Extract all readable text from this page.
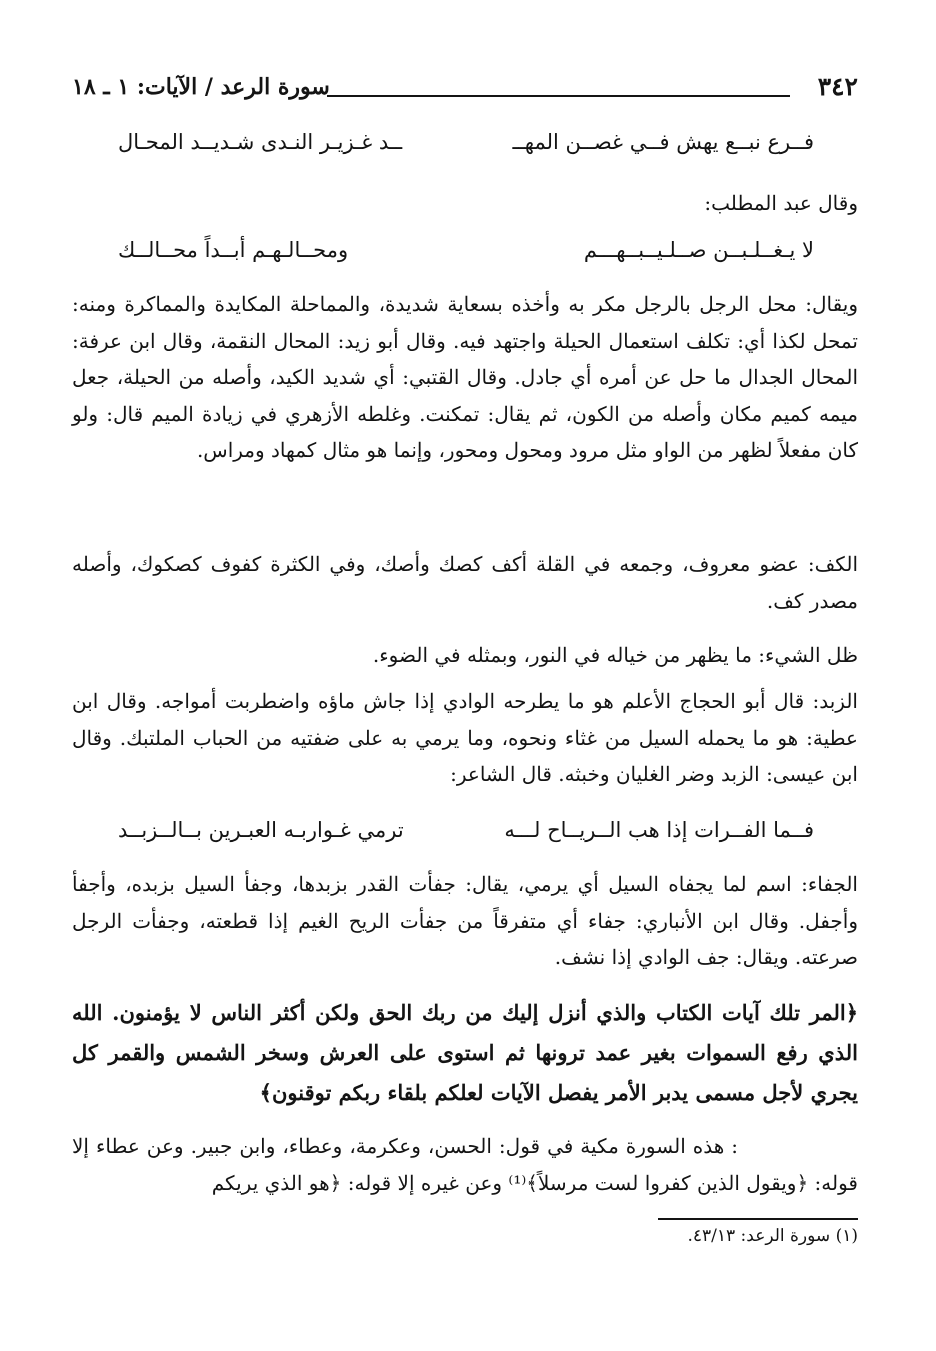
٣٤٢
سورة الرعد / الآيات: ١ ـ ١٨
فــرع نبــع يهش فــي غصــن المهــ
ــد غـزيـر النـدى شـديــد المحـال
وقال عبد المطلب:
لا يـغــلـبــن صــلـيــبــهـــم
ومحــالـهـم أبــداً محــالــك
ويقال: محل الرجل بالرجل مكر به وأخذه بسعاية شديدة، والمماحلة المكايدة والمماكرة ومنه: تمحل لكذا أي: تكلف استعمال الحيلة واجتهد فيه. وقال أبو زيد: المحال النقمة، وقال ابن عرفة: المحال الجدال ما حل عن أمره أي جادل. وقال القتبي: أي شديد الكيد، وأصله من الحيلة، جعل ميمه كميم مكان وأصله من الكون، ثم يقال: تمكنت. وغلطه الأزهري في زيادة الميم قال: ولو كان مفعلاً لظهر من الواو مثل مرود ومحول ومحور، وإنما هو مثال كمهاد ومراس.
الكف: عضو معروف، وجمعه في القلة أكف كصك وأصك، وفي الكثرة كفوف كصكوك، وأصله مصدر كف.
ظل الشيء: ما يظهر من خياله في النور، وبمثله في الضوء.
الزبد: قال أبو الحجاج الأعلم هو ما يطرحه الوادي إذا جاش ماؤه واضطربت أمواجه. وقال ابن عطية: هو ما يحمله السيل من غثاء ونحوه، وما يرمي به على ضفتيه من الحباب الملتبك. وقال ابن عيسى: الزبد وضر الغليان وخبثه. قال الشاعر:
فــما الفــرات إذا هب الــريــاح لـــه
ترمي غـواربـه العبـرين بــالــزبــد
الجفاء: اسم لما يجفاه السيل أي يرمي، يقال: جفأت القدر بزبدها، وجفأ السيل بزبده، وأجفأ وأجفل. وقال ابن الأنباري: جفاء أي متفرقاً من جفأت الريح الغيم إذا قطعته، وجفأت الرجل صرعته. ويقال: جف الوادي إذا نشف.
﴿المر تلك آيات الكتاب والذي أنزل إليك من ربك الحق ولكن أكثر الناس لا يؤمنون. الله الذي رفع السموات بغير عمد ترونها ثم استوى على العرش وسخر الشمس والقمر كل يجري لأجل مسمى يدبر الأمر يفصل الآيات لعلكم بلقاء ربكم توقنون﴾
: هذه السورة مكية في قول: الحسن، وعكرمة، وعطاء، وابن جبير. وعن عطاء إلا قوله: ﴿ويقول الذين كفروا لست مرسلاً﴾⁽¹⁾ وعن غيره إلا قوله: ﴿هو الذي يريكم
(١) سورة الرعد: ٤٣/١٣.
